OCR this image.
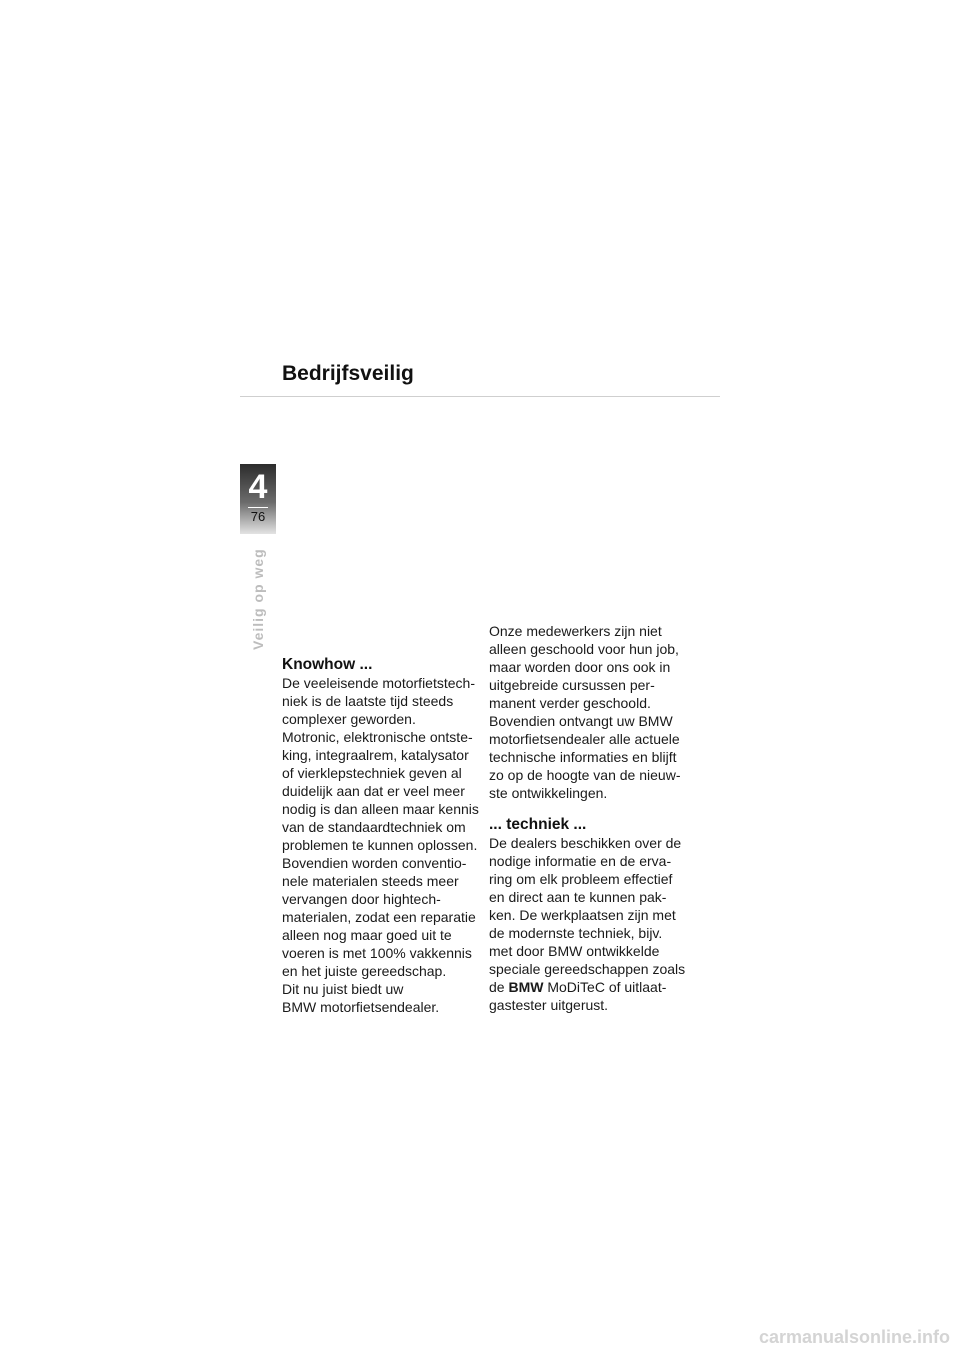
Bedrijfsveilig
4
76
Veilig op weg
Knowhow ...

De veeleisende motorfietstech-
niek is de laatste tijd steeds
complexer geworden.
Motronic, elektronische ontste-
king, integraalrem, katalysator
of vierklepstechniek geven al
duidelijk aan dat er veel meer
nodig is dan alleen maar kennis
van de standaardtechniek om
problemen te kunnen oplossen.
Bovendien worden conventio-
nele materialen steeds meer
vervangen door hightech-
materialen, zodat een reparatie
alleen nog maar goed uit te
voeren is met 100% vakkennis
en het juiste gereedschap.
Dit nu juist biedt uw
BMW motorfietsendealer.

Onze medewerkers zijn niet
alleen geschoold voor hun job,
maar worden door ons ook in
uitgebreide cursussen per-
manent verder geschoold.
Bovendien ontvangt uw BMW
motorfietsendealer alle actuele
technische informaties en blijft
zo op de hoogte van de nieuw-
ste ontwikkelingen.

... techniek ...

De dealers beschikken over de
nodige informatie en de erva-
ring om elk probleem effectief
en direct aan te kunnen pak-
ken. De werkplaatsen zijn met
de modernste techniek, bijv.
met door BMW ontwikkelde
speciale gereedschappen zoals
de BMW MoDiTeC of uitlaat-
gastester uitgerust.

carmanualsonline.info
